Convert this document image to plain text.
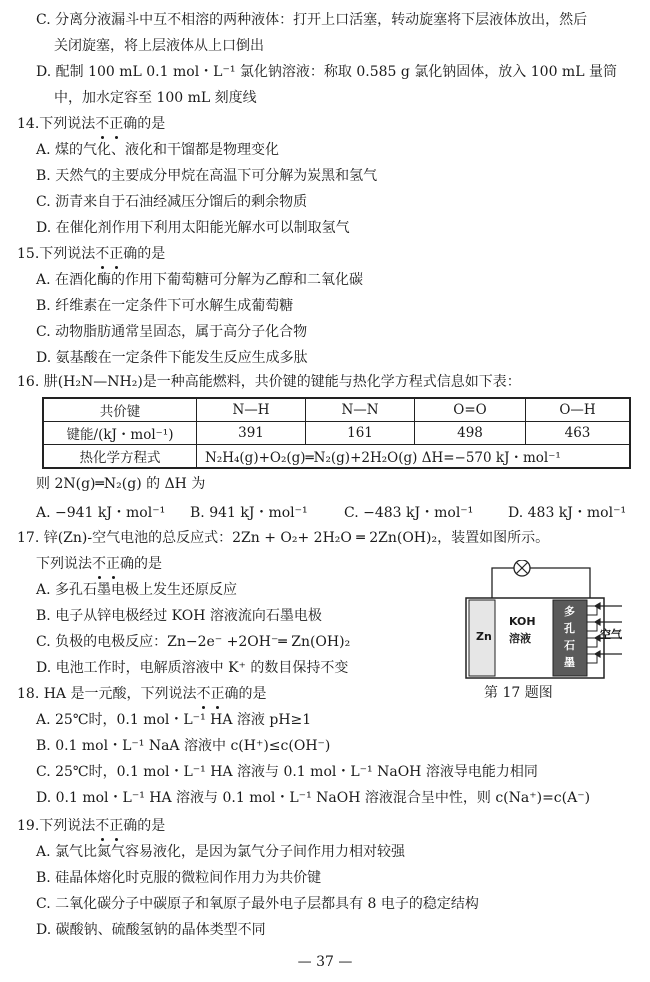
C. 分离分液漏斗中互不相溶的两种液体：打开上口活塞，转动旋塞将下层液体放出，然后
关闭旋塞，将上层液体从上口倒出
D. 配制 100 mL 0.1 mol・L⁻¹ 氯化钠溶液：称取 0.585 g 氯化钠固体，放入 100 mL 量筒
中，加水定容至 100 mL 刻度线
14.下列说法不正确的是
A. 煤的气化、液化和干馏都是物理变化
B. 天然气的主要成分甲烷在高温下可分解为炭黑和氢气
C. 沥青来自于石油经减压分馏后的剩余物质
D. 在催化剂作用下利用太阳能光解水可以制取氢气
15.下列说法不正确的是
A. 在酒化酶的作用下葡萄糖可分解为乙醇和二氧化碳
B. 纤维素在一定条件下可水解生成葡萄糖
C. 动物脂肪通常呈固态，属于高分子化合物
D. 氨基酸在一定条件下能发生反应生成多肽
16. 肼(H₂N—NH₂)是一种高能燃料，共价键的键能与热化学方程式信息如下表：
共价键	N—H	N—N	O=O	O—H
键能/(kJ・mol⁻¹)	391	161	498	463
热化学方程式	N₂H₄(g)+O₂(g)═N₂(g)+2H₂O(g) ΔH=−570 kJ・mol⁻¹			
则 2N(g)═N₂(g) 的 ΔH 为
A. −941 kJ・mol⁻¹ B. 941 kJ・mol⁻¹	C. −483 kJ・mol⁻¹ D. 483 kJ・mol⁻¹
17. 锌(Zn)-空气电池的总反应式：2Zn + O₂+ 2H₂O ═ 2Zn(OH)₂，装置如图所示。
下列说法不正确的是
A. 多孔石墨电极上发生还原反应
B. 电子从锌电极经过 KOH 溶液流向石墨电极
C. 负极的电极反应：Zn−2e⁻ +2OH⁻═ Zn(OH)₂
D. 电池工作时，电解质溶液中 K⁺ 的数目保持不变
Zn
KOH
溶液
多
孔
石
墨
空气
第 17 题图
18. HA 是一元酸，下列说法不正确的是
A. 25℃时，0.1 mol・L⁻¹ HA 溶液 pH≥1
B. 0.1 mol・L⁻¹ NaA 溶液中 c(H⁺)≤c(OH⁻)
C. 25℃时，0.1 mol・L⁻¹ HA 溶液与 0.1 mol・L⁻¹ NaOH 溶液导电能力相同
D. 0.1 mol・L⁻¹ HA 溶液与 0.1 mol・L⁻¹ NaOH 溶液混合呈中性，则 c(Na⁺)=c(A⁻)
19.下列说法不正确的是
A. 氯气比氮气容易液化，是因为氯气分子间作用力相对较强
B. 硅晶体熔化时克服的微粒间作用力为共价键
C. 二氧化碳分子中碳原子和氧原子最外电子层都具有 8 电子的稳定结构
D. 碳酸钠、硫酸氢钠的晶体类型不同
— 37 —
